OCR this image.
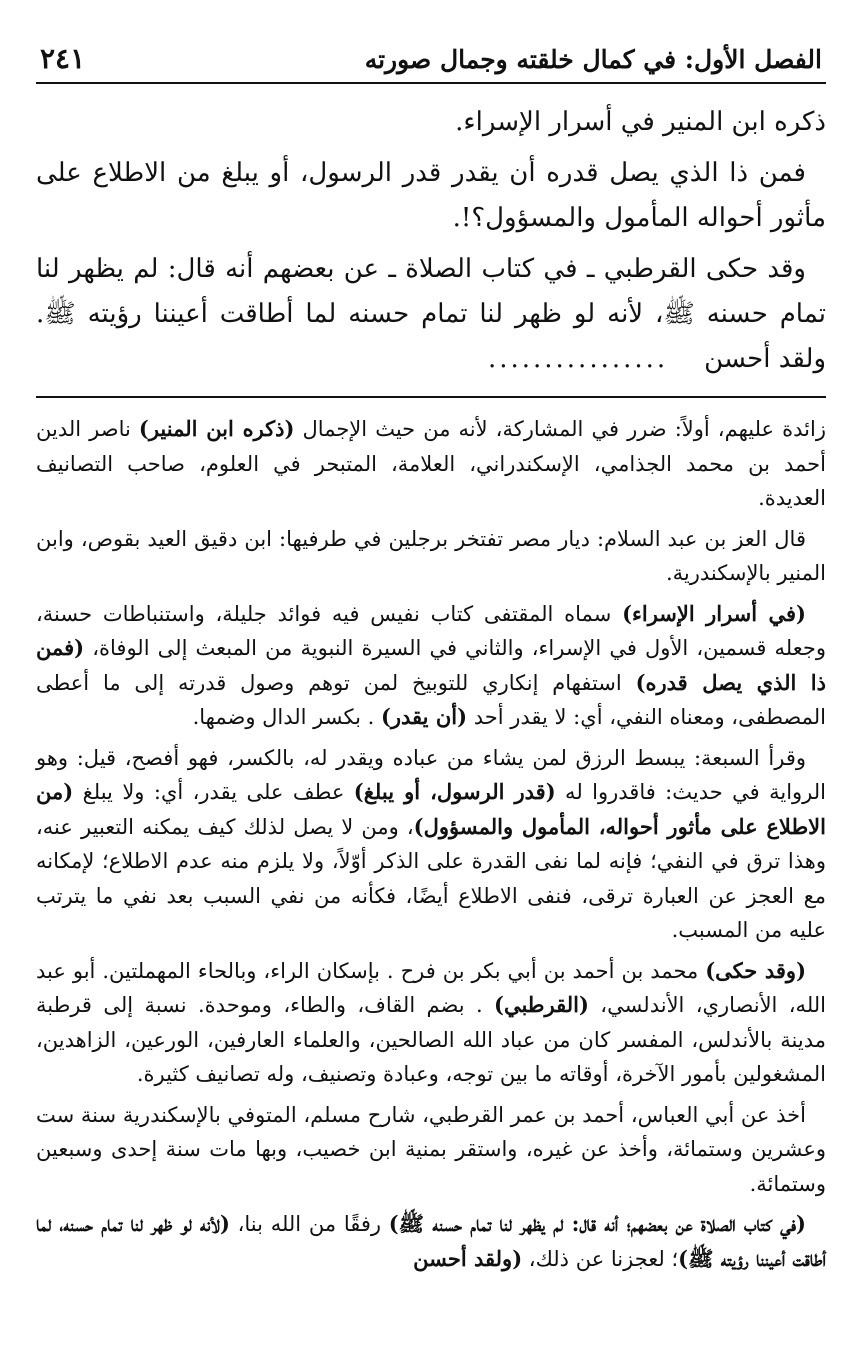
الفصل الأول: في كمال خلقته وجمال صورته
٢٤١

ذكره ابن المنير في أسرار الإسراء.

فمن ذا الذي يصل قدره أن يقدر قدر الرسول، أو يبلغ من الاطلاع على مأثور أحواله المأمول والمسؤول؟!.

وقد حكى القرطبي ـ في كتاب الصلاة ـ عن بعضهم أنه قال: لم يظهر لنا تمام حسنه ﷺ، لأنه لو ظهر لنا تمام حسنه لما أطاقت أعيننا رؤيته ﷺ. ولقد أحسن................

زائدة عليهم، أولاً: ضرر في المشاركة، لأنه من حيث الإجمال (ذكره ابن المنير) ناصر الدين أحمد بن محمد الجذامي، الإسكندراني، العلامة، المتبحر في العلوم، صاحب التصانيف العديدة.

قال العز بن عبد السلام: ديار مصر تفتخر برجلين في طرفيها: ابن دقيق العيد بقوص، وابن المنير بالإسكندرية.

(في أسرار الإسراء) سماه المقتفى كتاب نفيس فيه فوائد جليلة، واستنباطات حسنة، وجعله قسمين، الأول في الإسراء، والثاني في السيرة النبوية من المبعث إلى الوفاة، (فمن ذا الذي يصل قدره) استفهام إنكاري للتوبيخ لمن توهم وصول قدرته إلى ما أعطى المصطفى، ومعناه النفي، أي: لا يقدر أحد (أن يقدر) . بكسر الدال وضمها.

وقرأ السبعة: يبسط الرزق لمن يشاء من عباده ويقدر له، بالكسر، فهو أفصح، قيل: وهو الرواية في حديث: فاقدروا له (قدر الرسول، أو يبلغ) عطف على يقدر، أي: ولا يبلغ (من الاطلاع على مأثور أحواله، المأمول والمسؤول)، ومن لا يصل لذلك كيف يمكنه التعبير عنه، وهذا ترق في النفي؛ فإنه لما نفى القدرة على الذكر أوّلاً، ولا يلزم منه عدم الاطلاع؛ لإمكانه مع العجز عن العبارة ترقى، فنفى الاطلاع أيضًا، فكأنه من نفي السبب بعد نفي ما يترتب عليه من المسبب.

(وقد حكى) محمد بن أحمد بن أبي بكر بن فرح . بإسكان الراء، وبالحاء المهملتين. أبو عبد الله، الأنصاري، الأندلسي، (القرطبي) . بضم القاف، والطاء، وموحدة. نسبة إلى قرطبة مدينة بالأندلس، المفسر كان من عباد الله الصالحين، والعلماء العارفين، الورعين، الزاهدين، المشغولين بأمور الآخرة، أوقاته ما بين توجه، وعبادة وتصنيف، وله تصانيف كثيرة.

أخذ عن أبي العباس، أحمد بن عمر القرطبي، شارح مسلم، المتوفي بالإسكندرية سنة ست وعشرين وستمائة، وأخذ عن غيره، واستقر بمنية ابن خصيب، وبها مات سنة إحدى وسبعين وستمائة.

(في كتاب الصلاة عن بعضهم؛ أنه قال: لم يظهر لنا تمام حسنه ﷺ) رفقًا من الله بنا، (لأنه لو ظهر لنا تمام حسنه، لما أطاقت أعيننا رؤيته ﷺ)؛ لعجزنا عن ذلك، (ولقد أحسن
